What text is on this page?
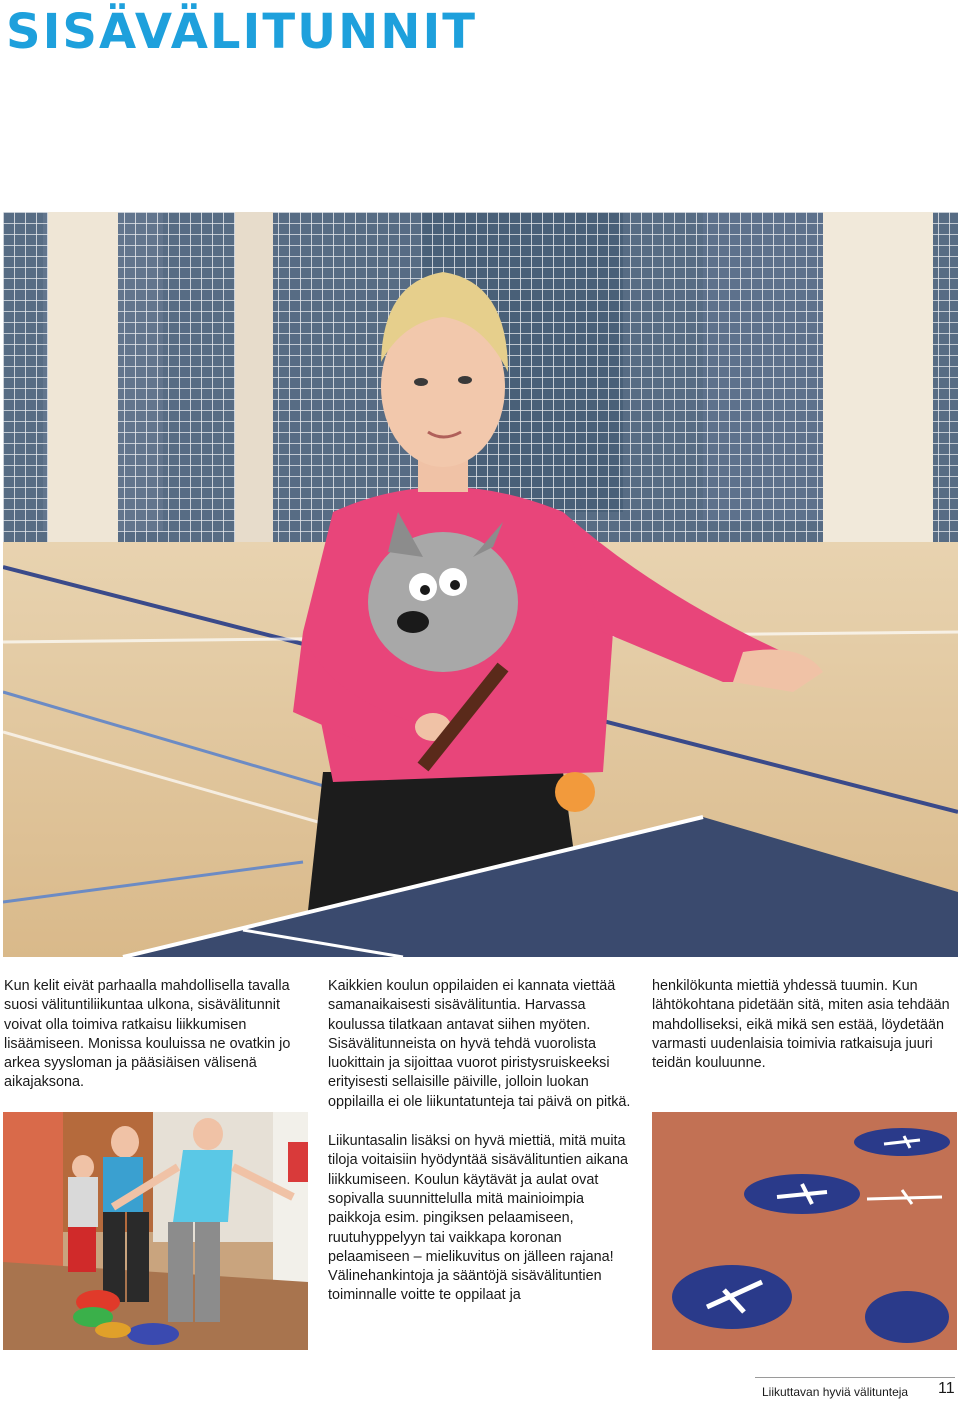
SISÄVÄLITUNNIT

Kun kelit eivät parhaalla mahdollisella tavalla suosi välituntiliikuntaa ulkona, sisävälitunnit voivat olla toimiva ratkaisu liikkumisen lisäämiseen. Monissa kouluissa ne ovatkin jo arkea syysloman ja pääsiäisen välisenä aikajaksona.

Kaikkien koulun oppilaiden ei kannata viettää samanaikaisesti sisävälituntia. Harvassa koulussa tilatkaan antavat siihen myöten. Sisävälitunneista on hyvä tehdä vuorolista luokittain ja sijoittaa vuorot piristysruiskeeksi erityisesti sellaisille päiville, jolloin luokan oppilailla ei ole liikuntatunteja tai päivä on pitkä.

Liikuntasalin lisäksi on hyvä miettiä, mitä muita tiloja voitaisiin hyödyntää sisävälituntien aikana liikkumiseen. Koulun käytävät ja aulat ovat sopivalla suunnittelulla mitä mainioimpia paikkoja esim. pingiksen pelaamiseen, ruutuhyppelyyn tai vaikkapa koronan pelaamiseen – mielikuvitus on jälleen rajana! Välinehankintoja ja sääntöjä sisävälituntien toiminnalle voitte te oppilaat ja

henkilökunta miettiä yhdessä tuumin. Kun lähtökohtana pidetään sitä, miten asia tehdään mahdolliseksi, eikä mikä sen estää, löydetään varmasti uudenlaisia toimivia ratkaisuja juuri teidän kouluunne.

Liikuttavan hyviä välitunteja 11
